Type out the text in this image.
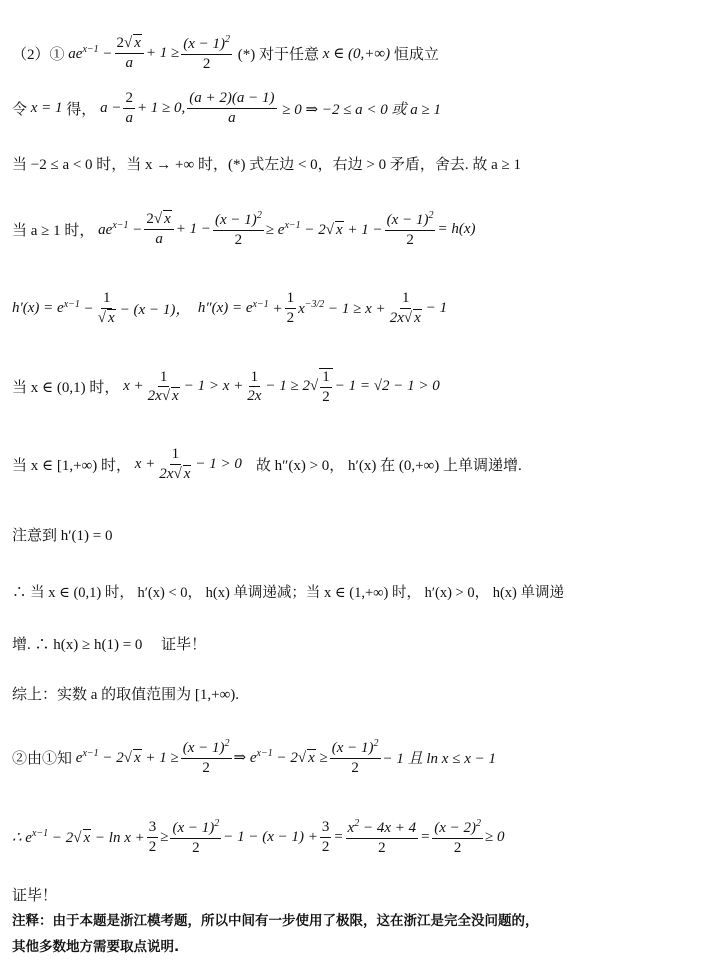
（2）① $ae^{x-1} - \frac{2√ x}{a} + 1 \ge \frac{(x - 1)^2}{2}$
(*) 对于任意
x ∈ (0,+∞)
恒成立
令
x = 1
得， $a - \frac{2}{a} + 1 \ge 0$, $\frac{(a + 2)(a - 1)}{a}$
≥ 0 ⇒ −2 ≤ a < 0 或 a ≥ 1
当 −2 ≤ a < 0 时，当 x → +∞ 时，(*) 式左边 < 0，右边 > 0 矛盾，舍去. 故 a ≥ 1
当 a ≥ 1 时， $ae^{x-1} - \frac{2√ x}{a} + 1 - \frac{(x - 1)^2}{2} \ge e^{x-1} - 2√$ $x + 1 - \frac{(x - 1)^2}{2} = h(x)$
h′(x) = e $^{x-1} - \frac{1}{√ x} - (x - 1)$，
h″(x) = e $^{x-1} + \frac{1}{2} x^{-3/2} - 1 \ge x + \frac{1}{2x√ x} - 1$
当 x ∈ (0,1) 时， $x + \frac{1}{2x√ x} - 1 > x + \frac{1}{2x} - 1 \ge 2$ √ $\frac{1}{2} - 1 = √2 - 1 > 0$
当 x ∈ [1,+∞) 时， $x + \frac{1}{2x√ x} - 1 > 0$ 故 h″(x) > 0， h′(x) 在 (0,+∞) 上单调递增.
注意到 h′(1) = 0
∴ 当 x ∈ (0,1) 时， h′(x) < 0， h(x) 单调递减；当 x ∈ (1,+∞) 时， h′(x) > 0， h(x) 单调递
增. ∴ h(x) ≥ h(1) = 0　 证毕！
综上：实数 a 的取值范围为 [1,+∞).
②由①知 $e^{x-1} - 2√$ $x + 1 \ge \frac{(x - 1)^2}{2}$ ⇒ $e^{x-1} - 2√$ $x \ge \frac{(x - 1)^2}{2} - 1$ 且 ln x ≤ x − 1
∴ $e^{x-1} - 2√$ $x - \ln x + \frac{3}{2} \ge \frac{(x - 1)^2}{2} - 1 - (x - 1) + \frac{3}{2} = \frac{x^2 - 4x + 4}{2} = \frac{(x - 2)^2}{2} \ge 0$
证毕！
注释：由于本题是浙江模考题，所以中间有一步使用了极限，这在浙江是完全没问题的，
其他多数地方需要取点说明.
